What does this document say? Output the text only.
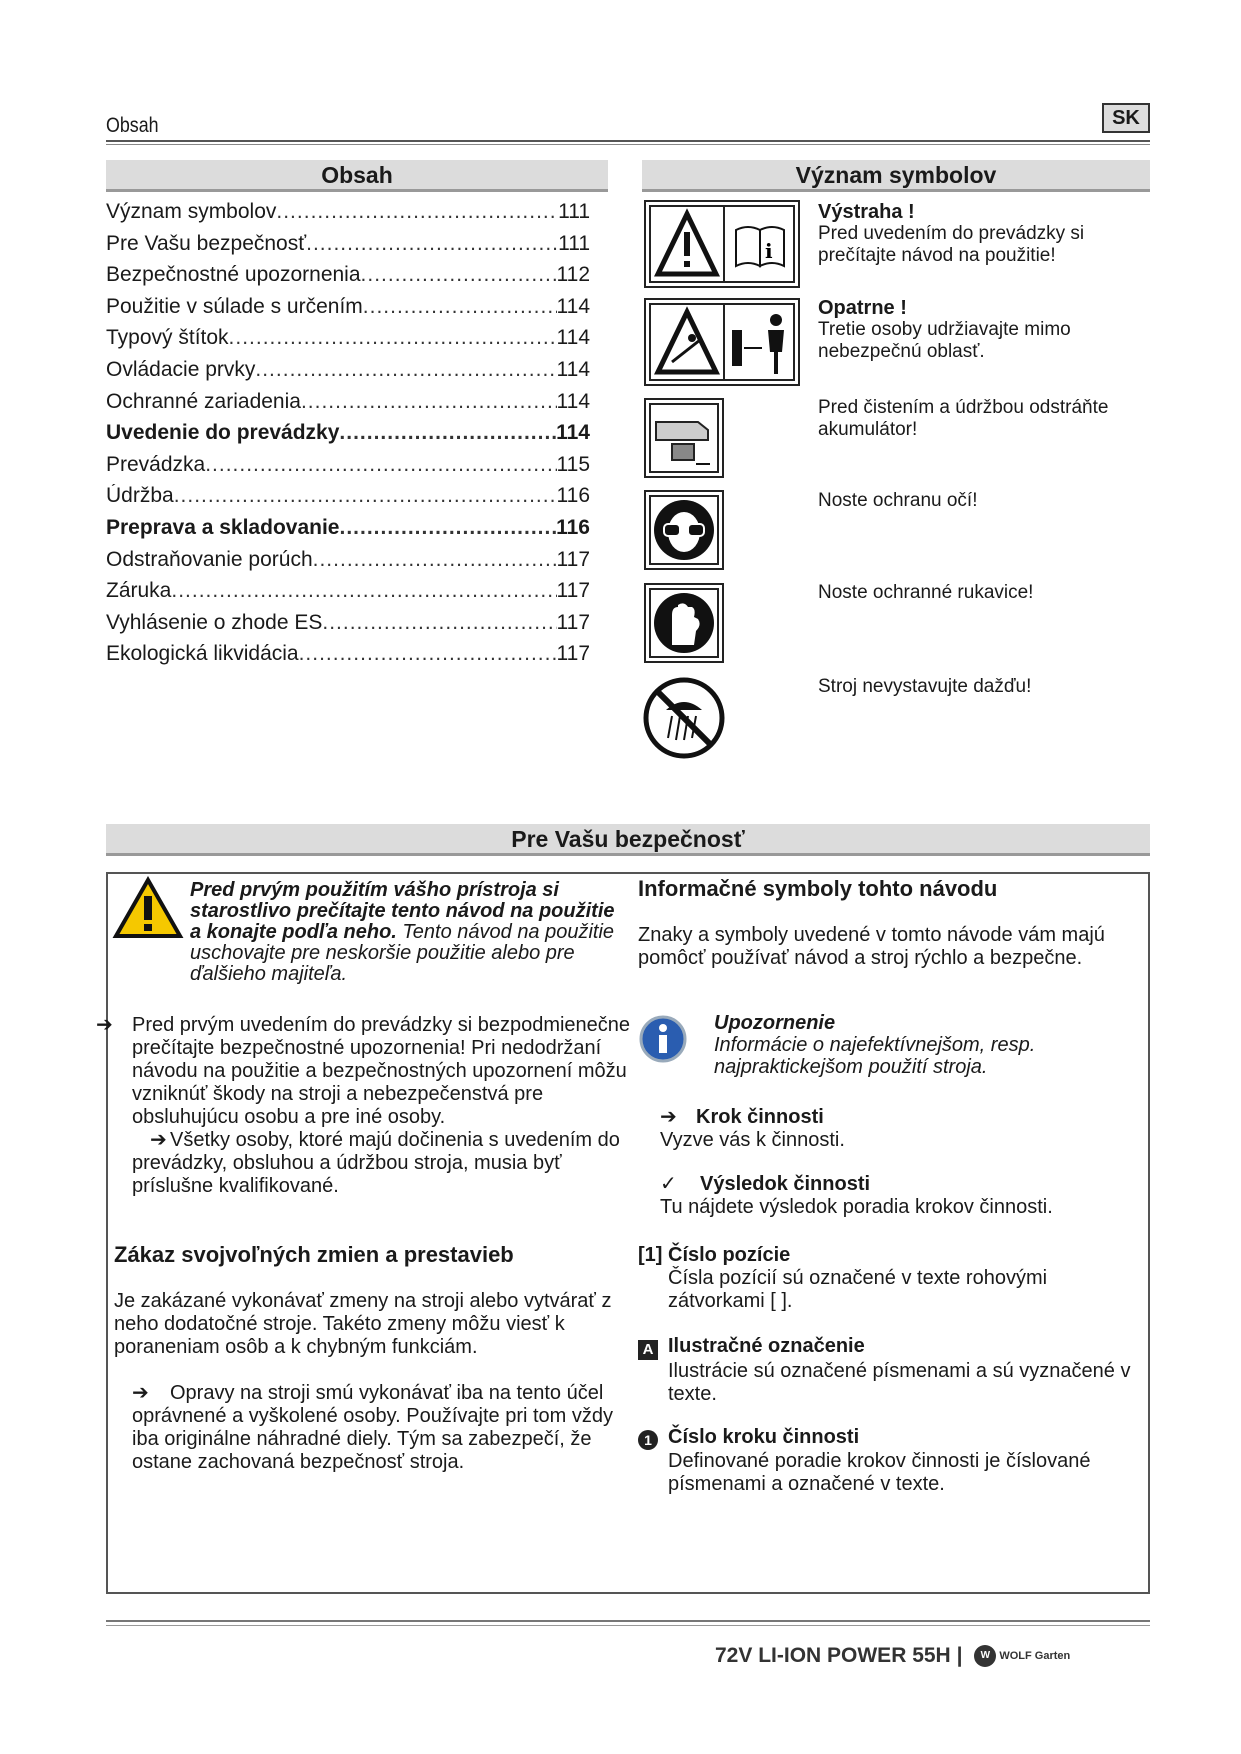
Obsah	SK
Obsah
Význam symbolov .....	111
Pre Vašu bezpečnosť .....	111
Bezpečnostné upozornenia .....	112
Použitie v súlade s určením .....	114
Typový štítok .....	114
Ovládacie prvky .....	114
Ochranné zariadenia .....	114
Uvedenie do prevádzky .....	114
Prevádzka .....	115
Údržba .....	116
Preprava a skladovanie .....	116
Odstraňovanie porúch .....	117
Záruka .....	117
Vyhlásenie o zhode ES .....	117
Ekologická likvidácia .....	117
Význam symbolov
i
Výstraha !
Pred uvedením do prevádzky si prečítajte návod na použitie!
Opatrne !
Tretie osoby udržiavajte mimo nebezpečnú oblasť.
Pred čistením a údržbou odstráňte akumulátor!
Noste ochranu očí!
Noste ochranné rukavice!
Stroj nevystavujte dažďu!
Pre Vašu bezpečnosť
Pred prvým použitím vášho prístroja si starostlivo prečítajte tento návod na použitie a konajte podľa neho. Tento návod na použitie uschovajte pre neskoršie použitie alebo pre ďalšieho majiteľa.
➔ Pred prvým uvedením do prevádzky si bezpodmienečne prečítajte bezpečnostné upozornenia! Pri nedodržaní návodu na použitie a bezpečnostných upozornení môžu vzniknúť škody na stroji a nebezpečenstvá pre obsluhujúcu osobu a pre iné osoby.
➔ Všetky osoby, ktoré majú dočinenia s uvedením do prevádzky, obsluhou a údržbou stroja, musia byť príslušne kvalifikované.
Zákaz svojvoľných zmien a prestavieb
Je zakázané vykonávať zmeny na stroji alebo vytvárať z neho dodatočné stroje. Takéto zmeny môžu viesť k poraneniam osôb a k chybným funkciám.
➔ Opravy na stroji smú vykonávať iba na tento účel oprávnené a vyškolené osoby. Používajte pri tom vždy iba originálne náhradné diely. Tým sa zabezpečí, že ostane zachovaná bezpečnosť stroja.
Informačné symboly tohto návodu
Znaky a symboly uvedené v tomto návode vám majú pomôcť používať návod a stroj rýchlo a bezpečne.
Upozornenie
Informácie o najefektívnejšom, resp. najpraktickejšom použití stroja.
➔ Krok činnosti
Vyzve vás k činnosti.
✓ Výsledok činnosti
Tu nájdete výsledok poradia krokov činnosti.
[1] Číslo pozície
Čísla pozícií sú označené v texte rohovými zátvorkami [ ].
A Ilustračné označenie
Ilustrácie sú označené písmenami a sú vyznačené v texte.
1 Číslo kroku činnosti
Definované poradie krokov činnosti je číslované písmenami a označené v texte.
72V LI-ION POWER 55H | W WOLF Garten
